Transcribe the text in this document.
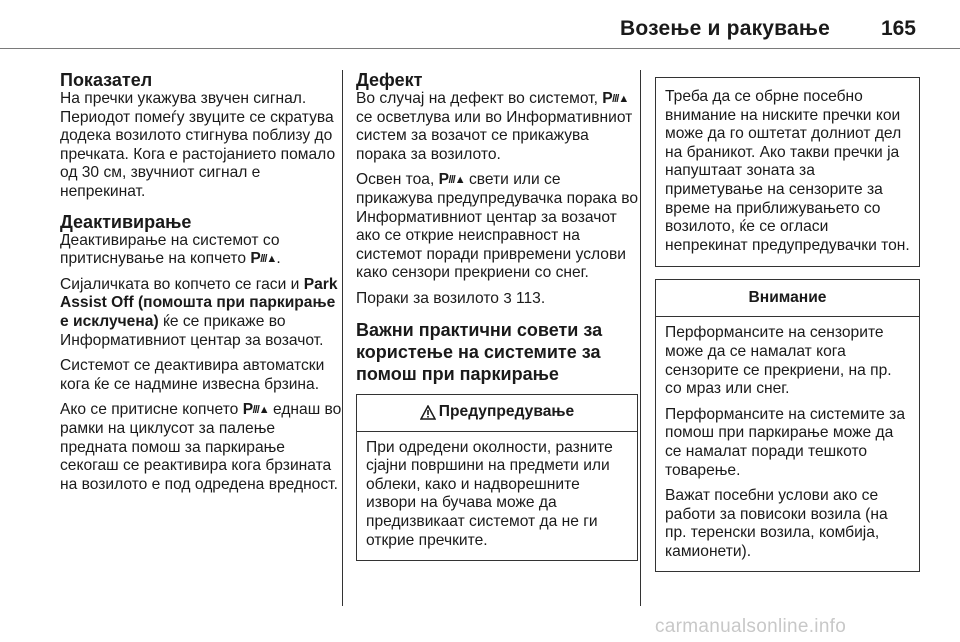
Возење и ракување 165
Показател

На пречки укажува звучен сигнал. Периодот помеѓу звуците се скратува додека возилото стигнува поблизу до пречката. Кога е растојанието помало од 30 см, звучниот сигнал е непрекинат.

Деактивирање

Деактивирање на системот со притиснување на копчето P///▲.

Сијаличката во копчето се гаси и Park Assist Off (помошта при паркирање е исклучена) ќе се прикаже во Информативниот центар за возачот.

Системот се деактивира автоматски кога ќе се надмине извесна брзина.

Ако се притисне копчето P///▲ еднаш во рамки на циклусот за палење предната помош за паркирање секогаш се реактивира кога брзината на возилото е под одредена вредност.

Дефект

Во случај на дефект во системот, P///▲ се осветлува или во Информативниот систем за возачот се прикажува порака за возилото.

Освен тоа, P///▲ свети или се прикажува предупредувачка порака во Информативниот центар за возачот ако се открие неисправност на системот поради привремени услови како сензори прекриени со снег.

Пораки за возилото 3 113.

Важни практични совети за користење на системите за помош при паркирање
Предупредување

При одредени околности, разните сјајни површини на предмети или облеки, како и надворешните извори на бучава може да предизвикаат системот да не ги открие пречките.

Треба да се обрне посебно внимание на ниските пречки кои може да го оштетат долниот дел на браникот. Ако такви пречки ја напуштаат зоната за приметување на сензорите за време на приближувањето со возилото, ќе се огласи непрекинат предупредувачки тон.

Внимание

Перформансите на сензорите може да се намалат кога сензорите се прекриени, на пр. со мраз или снег.

Перформансите на системите за помош при паркирање може да се намалат поради тешкото товарење.

Важат посебни услови ако се работи за повисоки возила (на пр. теренски возила, комбија, камионети).

carmanualsonline.info
